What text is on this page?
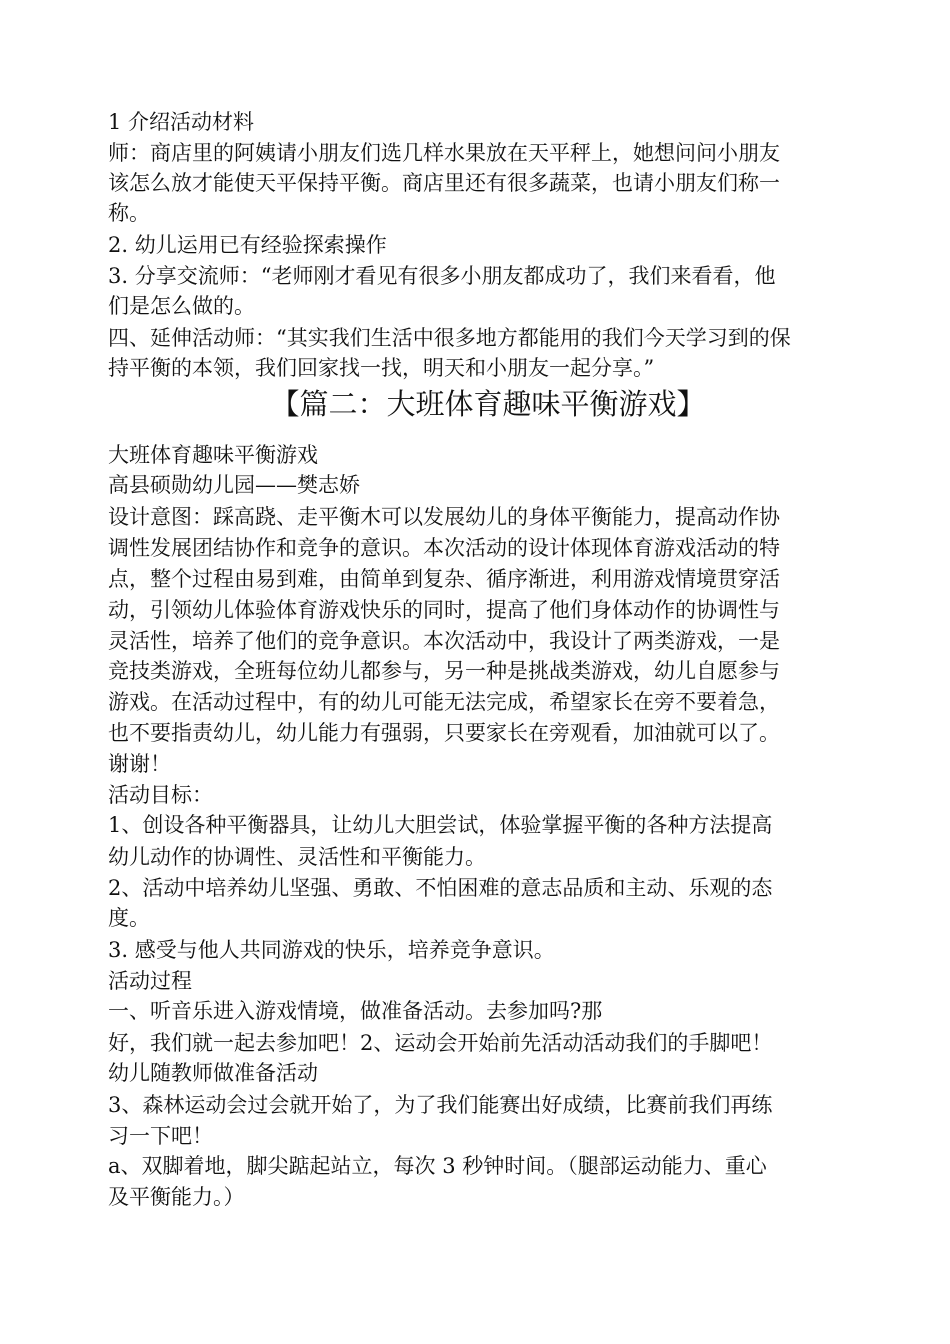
1 介绍活动材料
师：商店里的阿姨请小朋友们选几样水果放在天平秤上，她想问问小朋友
该怎么放才能使天平保持平衡。商店里还有很多蔬菜，也请小朋友们称一
称。
2. 幼儿运用已有经验探索操作
3. 分享交流师：“老师刚才看见有很多小朋友都成功了，我们来看看，他
们是怎么做的。
四、延伸活动师：“其实我们生活中很多地方都能用的我们今天学习到的保
持平衡的本领，我们回家找一找，明天和小朋友一起分享。”
【篇二：大班体育趣味平衡游戏】
大班体育趣味平衡游戏
高县硕勋幼儿园——樊志娇
设计意图：踩高跷、走平衡木可以发展幼儿的身体平衡能力，提高动作协
调性发展团结协作和竞争的意识。本次活动的设计体现体育游戏活动的特
点，整个过程由易到难，由简单到复杂、循序渐进，利用游戏情境贯穿活
动，引领幼儿体验体育游戏快乐的同时，提高了他们身体动作的协调性与
灵活性，培养了他们的竞争意识。本次活动中，我设计了两类游戏，一是
竞技类游戏，全班每位幼儿都参与，另一种是挑战类游戏，幼儿自愿参与
游戏。在活动过程中，有的幼儿可能无法完成，希望家长在旁不要着急，
也不要指责幼儿，幼儿能力有强弱，只要家长在旁观看，加油就可以了。
谢谢！
活动目标：
1、创设各种平衡器具，让幼儿大胆尝试，体验掌握平衡的各种方法提高
幼儿动作的协调性、灵活性和平衡能力。
2、活动中培养幼儿坚强、勇敢、不怕困难的意志品质和主动、乐观的态
度。
3. 感受与他人共同游戏的快乐，培养竞争意识。
活动过程
一、听音乐进入游戏情境，做准备活动。去参加吗?那
好，我们就一起去参加吧！2、运动会开始前先活动活动我们的手脚吧！
幼儿随教师做准备活动
3、森林运动会过会就开始了，为了我们能赛出好成绩，比赛前我们再练
习一下吧！
a、双脚着地，脚尖踮起站立，每次 3 秒钟时间。（腿部运动能力、重心
及平衡能力。）
